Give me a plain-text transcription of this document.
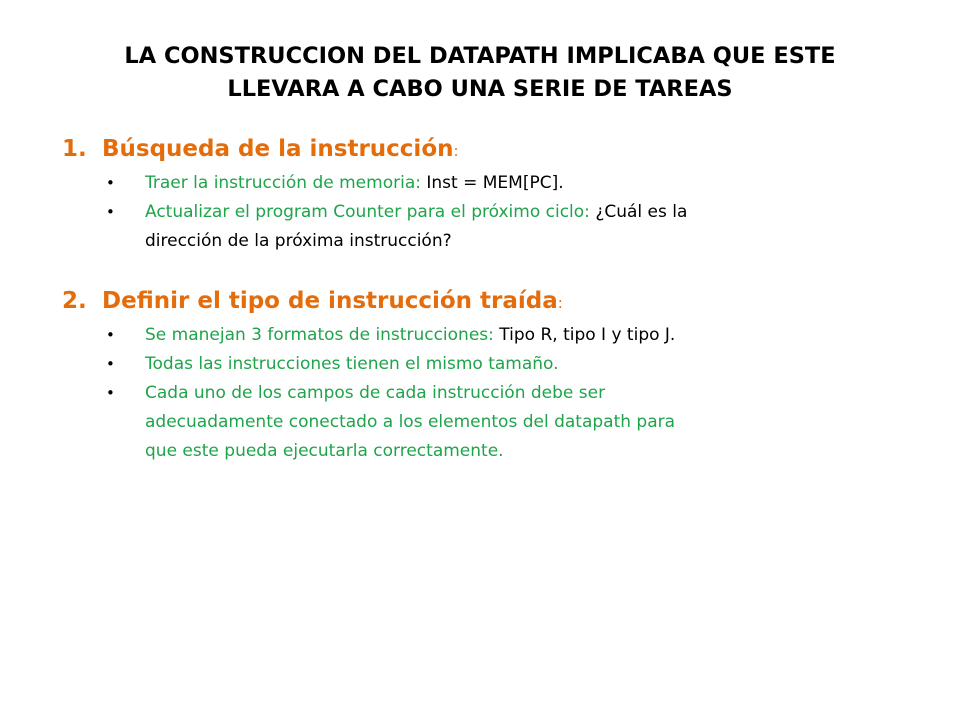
LA CONSTRUCCION DEL DATAPATH IMPLICABA QUE ESTE
LLEVARA A CABO UNA SERIE DE TAREAS
1. Búsqueda de la instrucción:
• Traer la instrucción de memoria: Inst = MEM[PC].
• Actualizar el program Counter para el próximo ciclo: ¿Cuál es la
dirección de la próxima instrucción?
2. Definir el tipo de instrucción traída:
• Se manejan 3 formatos de instrucciones: Tipo R, tipo I y tipo J.
• Todas las instrucciones tienen el mismo tamaño.
• Cada uno de los campos de cada instrucción debe ser
adecuadamente conectado a los elementos del datapath para
que este pueda ejecutarla correctamente.
